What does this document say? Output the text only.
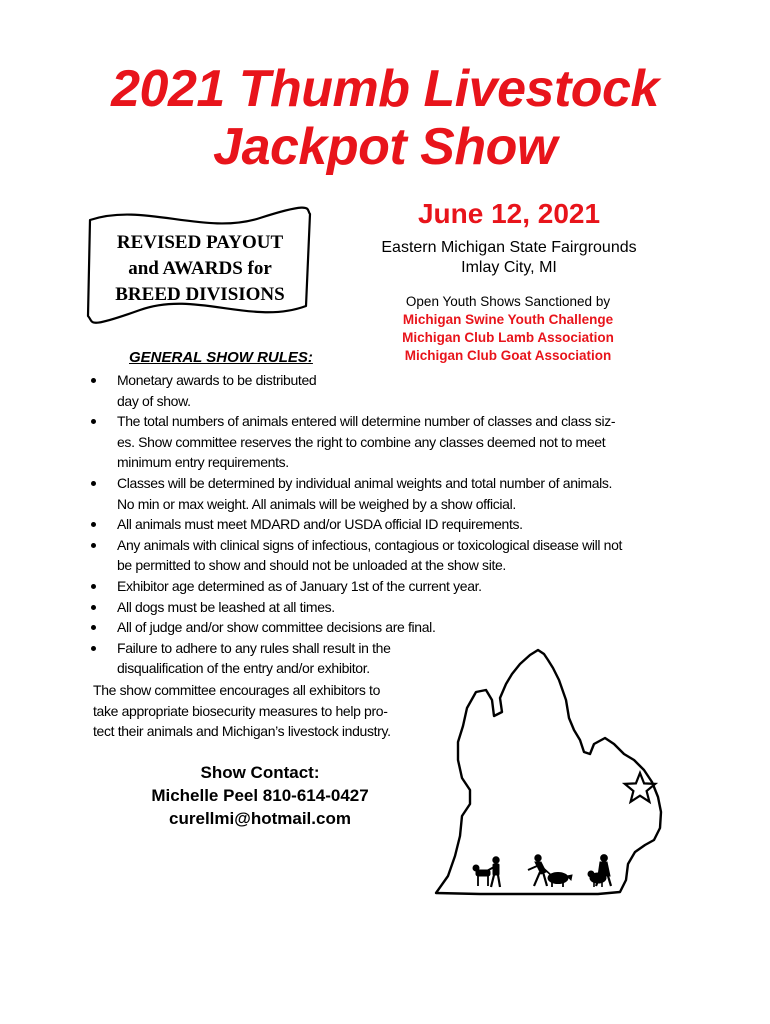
2021 Thumb Livestock
Jackpot Show
REVISED PAYOUT
and AWARDS for
BREED DIVISIONS
June 12, 2021
Eastern Michigan State Fairgrounds
Imlay City, MI
Open Youth Shows Sanctioned by
Michigan Swine Youth Challenge
Michigan Club Lamb Association
Michigan Club Goat Association
GENERAL SHOW RULES:
Monetary awards to be distributed
day of show.
The total numbers of animals entered will determine number of classes and class siz-
es. Show committee reserves the right to combine any classes deemed not to meet
minimum entry requirements.
Classes will be determined by individual animal weights and total number of animals.
No min or max weight. All animals will be weighed by a show official.
All animals must meet MDARD and/or USDA official ID requirements.
Any animals with clinical signs of infectious, contagious or toxicological disease will not
be permitted to show and should not be unloaded at the show site.
Exhibitor age determined as of January 1st of the current year.
All dogs must be leashed at all times.
All of judge and/or show committee decisions are final.
Failure to adhere to any rules shall result in the
disqualification of the entry and/or exhibitor.
The show committee encourages all exhibitors to
take appropriate biosecurity measures to help pro-
tect their animals and Michigan’s livestock industry.
Show Contact:
Michelle Peel 810-614-0427
curellmi@hotmail.com
